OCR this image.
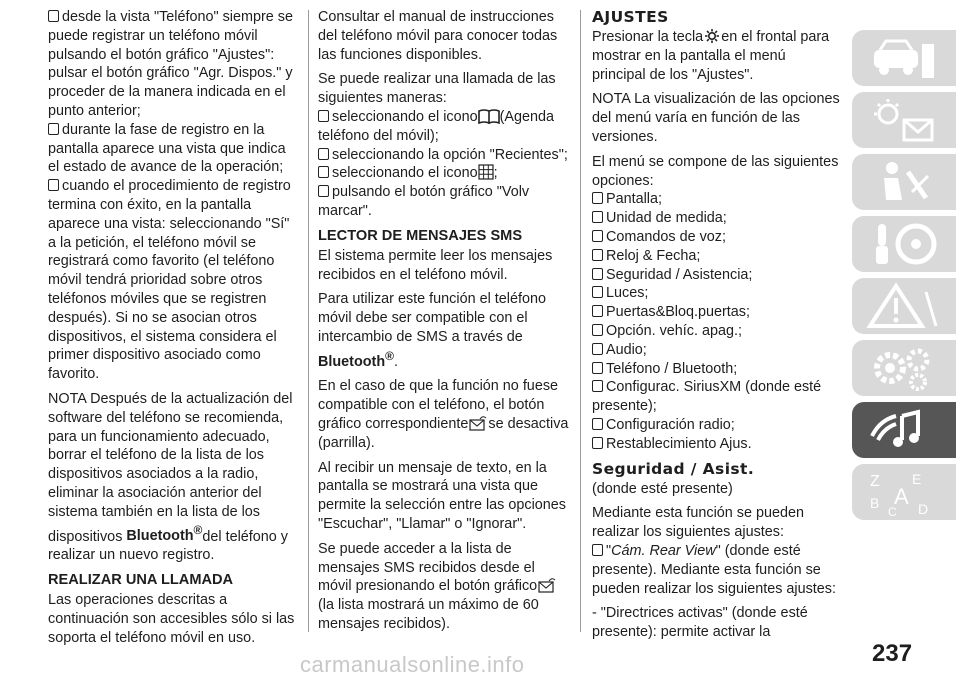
desde la vista "Teléfono" siempre se puede registrar un teléfono móvil pulsando el botón gráfico "Ajustes": pulsar el botón gráfico "Agr. Dispos." y proceder de la manera indicada en el punto anterior;

durante la fase de registro en la pantalla aparece una vista que indica el estado de avance de la operación;

cuando el procedimiento de registro termina con éxito, en la pantalla aparece una vista: seleccionando "Sí" a la petición, el teléfono móvil se registrará como favorito (el teléfono móvil tendrá prioridad sobre otros teléfonos móviles que se registren después). Si no se asocian otros dispositivos, el sistema considera el primer dispositivo asociado como favorito.

NOTA Después de la actualización del software del teléfono se recomienda, para un funcionamiento adecuado, borrar el teléfono de la lista de los dispositivos asociados a la radio, eliminar la asociación anterior del sistema también en la lista de los dispositivos Bluetooth®del teléfono y realizar un nuevo registro.

REALIZAR UNA LLAMADA

Las operaciones descritas a continuación son accesibles sólo si las soporta el teléfono móvil en uso.

Consultar el manual de instrucciones del teléfono móvil para conocer todas las funciones disponibles.

Se puede realizar una llamada de las siguientes maneras:

seleccionando el icono (Agenda teléfono del móvil);

seleccionando la opción "Recientes";

seleccionando el icono ;

pulsando el botón gráfico "Volv marcar".

LECTOR DE MENSAJES SMS

El sistema permite leer los mensajes recibidos en el teléfono móvil.

Para utilizar este función el teléfono móvil debe ser compatible con el intercambio de SMS a través de Bluetooth®.

En el caso de que la función no fuese compatible con el teléfono, el botón gráfico correspondiente se desactiva (parrilla).

Al recibir un mensaje de texto, en la pantalla se mostrará una vista que permite la selección entre las opciones "Escuchar", "Llamar" o "Ignorar".

Se puede acceder a la lista de mensajes SMS recibidos desde el móvil presionando el botón gráfico(la lista mostrará un máximo de 60 mensajes recibidos).

AJUSTES

Presionar la tecla en el frontal para mostrar en la pantalla el menú principal de los "Ajustes".

NOTA La visualización de las opciones del menú varía en función de las versiones.

El menú se compone de las siguientes opciones:

Pantalla;

Unidad de medida;

Comandos de voz;

Reloj & Fecha;

Seguridad / Asistencia;

Luces;

Puertas&Bloq.puertas;

Opción. vehíc. apag.;

Audio;

Teléfono / Bluetooth;

Configurac. SiriusXM (donde esté presente);

Configuración radio;

Restablecimiento Ajus.

Seguridad / Asist.

(donde esté presente)

Mediante esta función se pueden realizar los siguientes ajustes:

"Cám. Rear View" (donde esté presente). Mediante esta función se pueden realizar los siguientes ajustes:

- "Directrices activas" (donde esté presente): permite activar la

Z E
B A
C D
237
carmanualsonline.info
